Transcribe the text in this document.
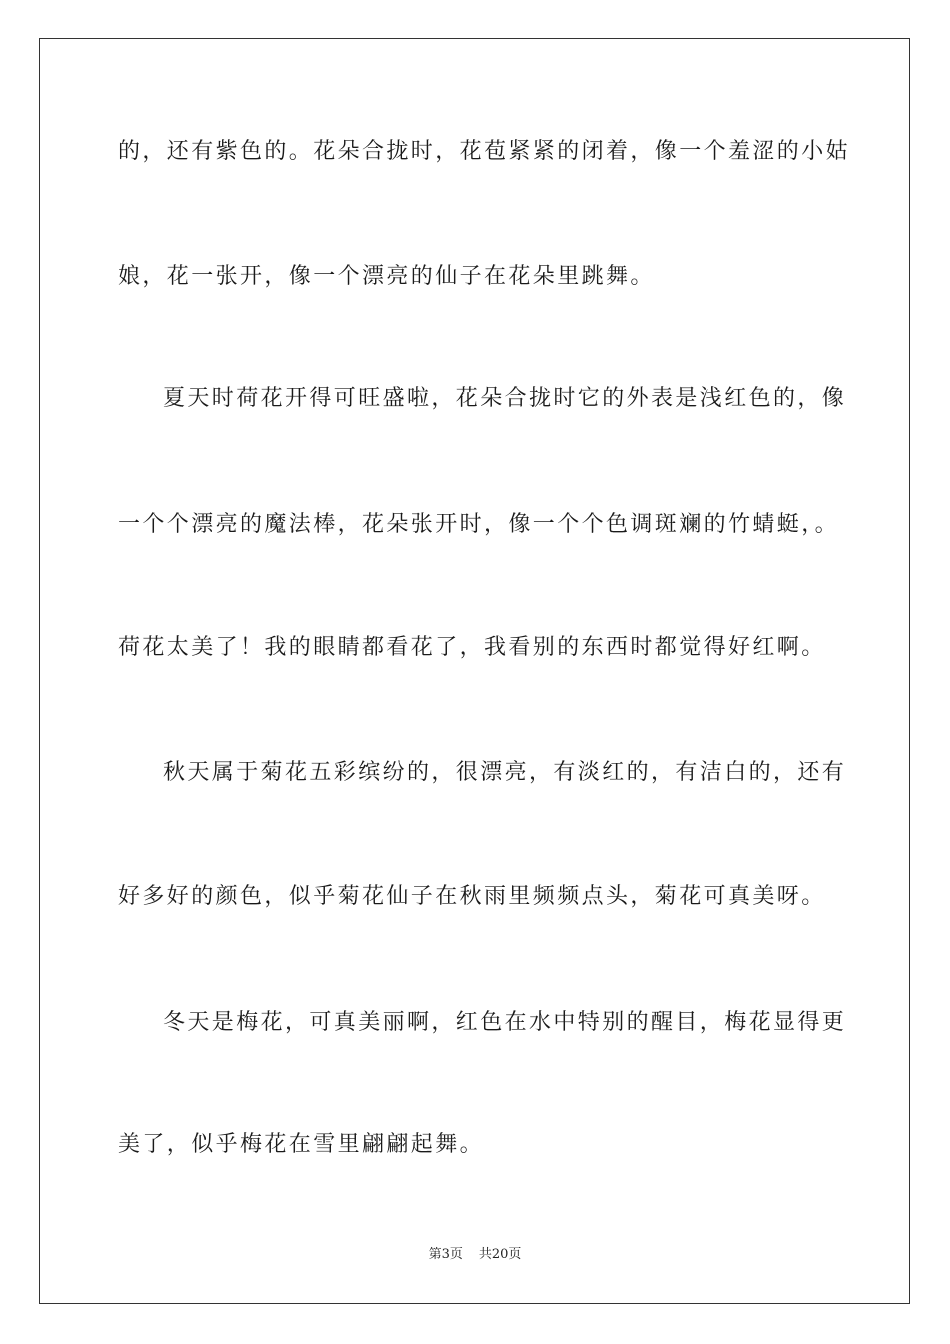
的，还有紫色的。花朵合拢时，花苞紧紧的闭着，像一个羞涩的小姑
娘，花一张开，像一个漂亮的仙子在花朵里跳舞。
夏天时荷花开得可旺盛啦，花朵合拢时它的外表是浅红色的，像
一个个漂亮的魔法棒，花朵张开时，像一个个色调斑斓的竹蜻蜓，。
荷花太美了！我的眼睛都看花了，我看别的东西时都觉得好红啊。
秋天属于菊花五彩缤纷的，很漂亮，有淡红的，有洁白的，还有
好多好的颜色，似乎菊花仙子在秋雨里频频点头，菊花可真美呀。
冬天是梅花，可真美丽啊，红色在水中特别的醒目，梅花显得更
美了，似乎梅花在雪里翩翩起舞。
第3页 共20页
